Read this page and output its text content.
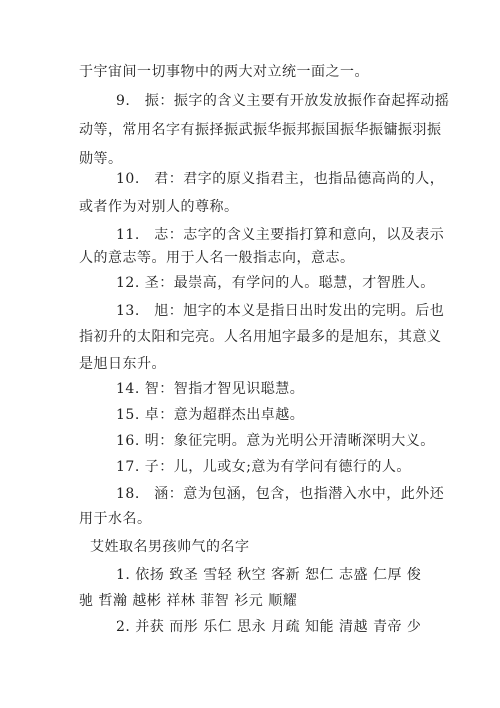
于宇宙间一切事物中的两大对立统一面之一。
9.　振：振字的含义主要有开放发放振作奋起挥动摇
动等，常用名字有振择振武振华振邦振国振华振镛振羽振
勋等。
10.　君：君字的原义指君主，也指品德高尚的人，
或者作为对别人的尊称。
11.　志：志字的含义主要指打算和意向，以及表示
人的意志等。用于人名一般指志向，意志。
12. 圣：最崇高，有学问的人。聪慧，才智胜人。
13.　旭：旭字的本义是指日出时发出的完明。后也
指初升的太阳和完亮。人名用旭字最多的是旭东，其意义
是旭日东升。
14. 智：智指才智见识聪慧。
15. 卓：意为超群杰出卓越。
16. 明：象征完明。意为光明公开清晰深明大义。
17. 子：儿，儿或女;意为有学问有德行的人。
18.　涵：意为包涵，包含，也指潜入水中，此外还
用于水名。
艾姓取名男孩帅气的名字
1. 依扬 致圣 雪轻 秋空 客新 恕仁 志盛 仁厚 俊
驰 哲瀚 越彬 祥林 菲智 衫元 顺耀
2. 并获 而彤 乐仁 思永 月疏 知能 清越 青帝 少
